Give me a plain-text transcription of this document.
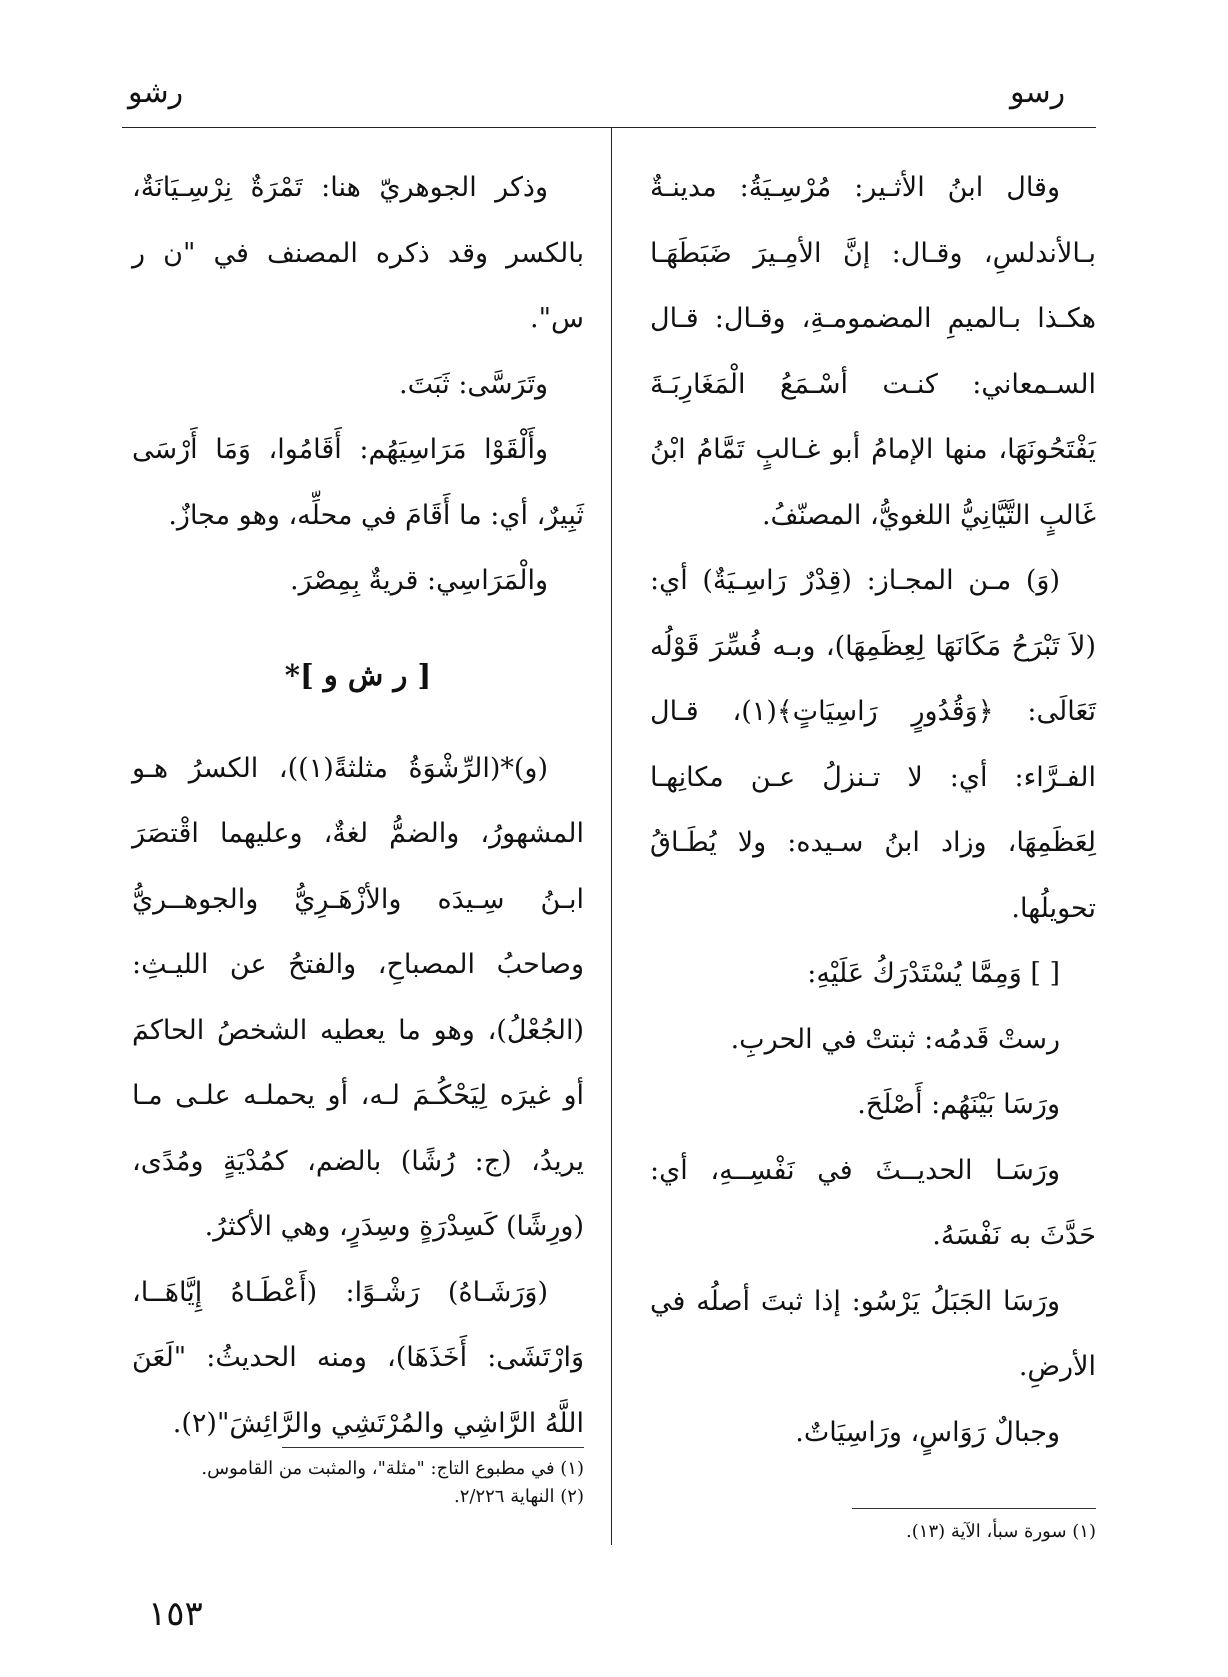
رشو	رسو

وقال ابنُ الأثـير: مُرْسِـيَةُ: مدينـةٌ بـالأندلسِ، وقـال: إنَّ الأمِـيرَ ضَبَطَهَـا هكـذا بـالميمِ المضمومـةِ، وقـال: قـال السـمعاني: كنـت أسْـمَعُ الْمَغَارِبَـةَ يَفْتَحُونَهَا، منها الإمامُ أبو غـالبٍ تَمَّامُ ابْنُ غَالبٍ التَّيَّانِيُّ اللغويُّ، المصنّفُ.

(وَ) مـن المجـاز: (قِدْرٌ رَاسِـيَةٌ) أي: (لاَ تَبْرَحُ مَكَانَهَا لِعِظَمِهَا)، وبـه فُسِّرَ قَوْلُه تَعَالَى: ﴿وَقُدُورٍ رَاسِيَاتٍ﴾(١)، قـال الفـرَّاء: أي: لا تـنزلُ عـن مكانِهـا لِعَظَمِهَا، وزاد ابنُ سـيده: ولا يُطَـاقُ تحويلُها.

[ ] وَمِمَّا يُسْتَدْرَكُ عَلَيْهِ:

رستْ قَدمُه: ثبتتْ في الحربِ.

ورَسَا بَيْنَهُم: أَصْلَحَ.

ورَسَـا الحديــثَ في نَفْسِــهِ، أي: حَدَّثَ به نَفْسَهُ.

ورَسَا الجَبَلُ يَرْسُو: إذا ثبتَ أصلُه في الأرضِ.

وجبالٌ رَوَاسٍ، ورَاسِيَاتٌ.

(١) سورة سبأ، الآية (١٣).

وذكر الجوهريّ هنا: تَمْرَةٌ نِرْسِـيَانَةٌ، بالكسر وقد ذكره المصنف في "ن ر س".

وتَرَسَّى: ثَبَتَ.

وأَلْقَوْا مَرَاسِيَهُم: أَقَامُوا، وَمَا أَرْسَى ثَبِيرٌ، أي: ما أَقَامَ في محلِّه، وهو مجازٌ.

والْمَرَاسِي: قريةٌ بِمِصْرَ.

[ ر ش و ]*

(و)*(الرِّشْوَةُ مثلثةً(١))، الكسرُ هـو المشهورُ، والضمُّ لغةٌ، وعليهما اقْتصَرَ ابـنُ سِـيدَه والأزْهَـرِيُّ والجوهــريُّ وصاحبُ المصباحِ، والفتحُ عن الليـثِ: (الجُعْلُ)، وهو ما يعطيه الشخصُ الحاكمَ أو غيرَه لِيَحْكُـمَ لـه، أو يحملـه علـى مـا يريدُ، (ج: رُشًا) بالضم، كمُدْيَةٍ ومُدًى، (ورِشًا) كَسِدْرَةٍ وسِدَرٍ، وهي الأكثرُ.

(وَرَشَـاهُ) رَشْـوًا: (أَعْطَـاهُ إِيَّاهَــا، وَارْتَشَى: أَخَذَهَا)، ومنه الحديثُ: "لَعَنَ اللَّهُ الرَّاشِي والمُرْتَشِي والرَّائِشَ"(٢).

(١) في مطبوع التاج: "مثلة"، والمثبت من القاموس.
(٢) النهاية ٢/٢٢٦.
١٥٣
